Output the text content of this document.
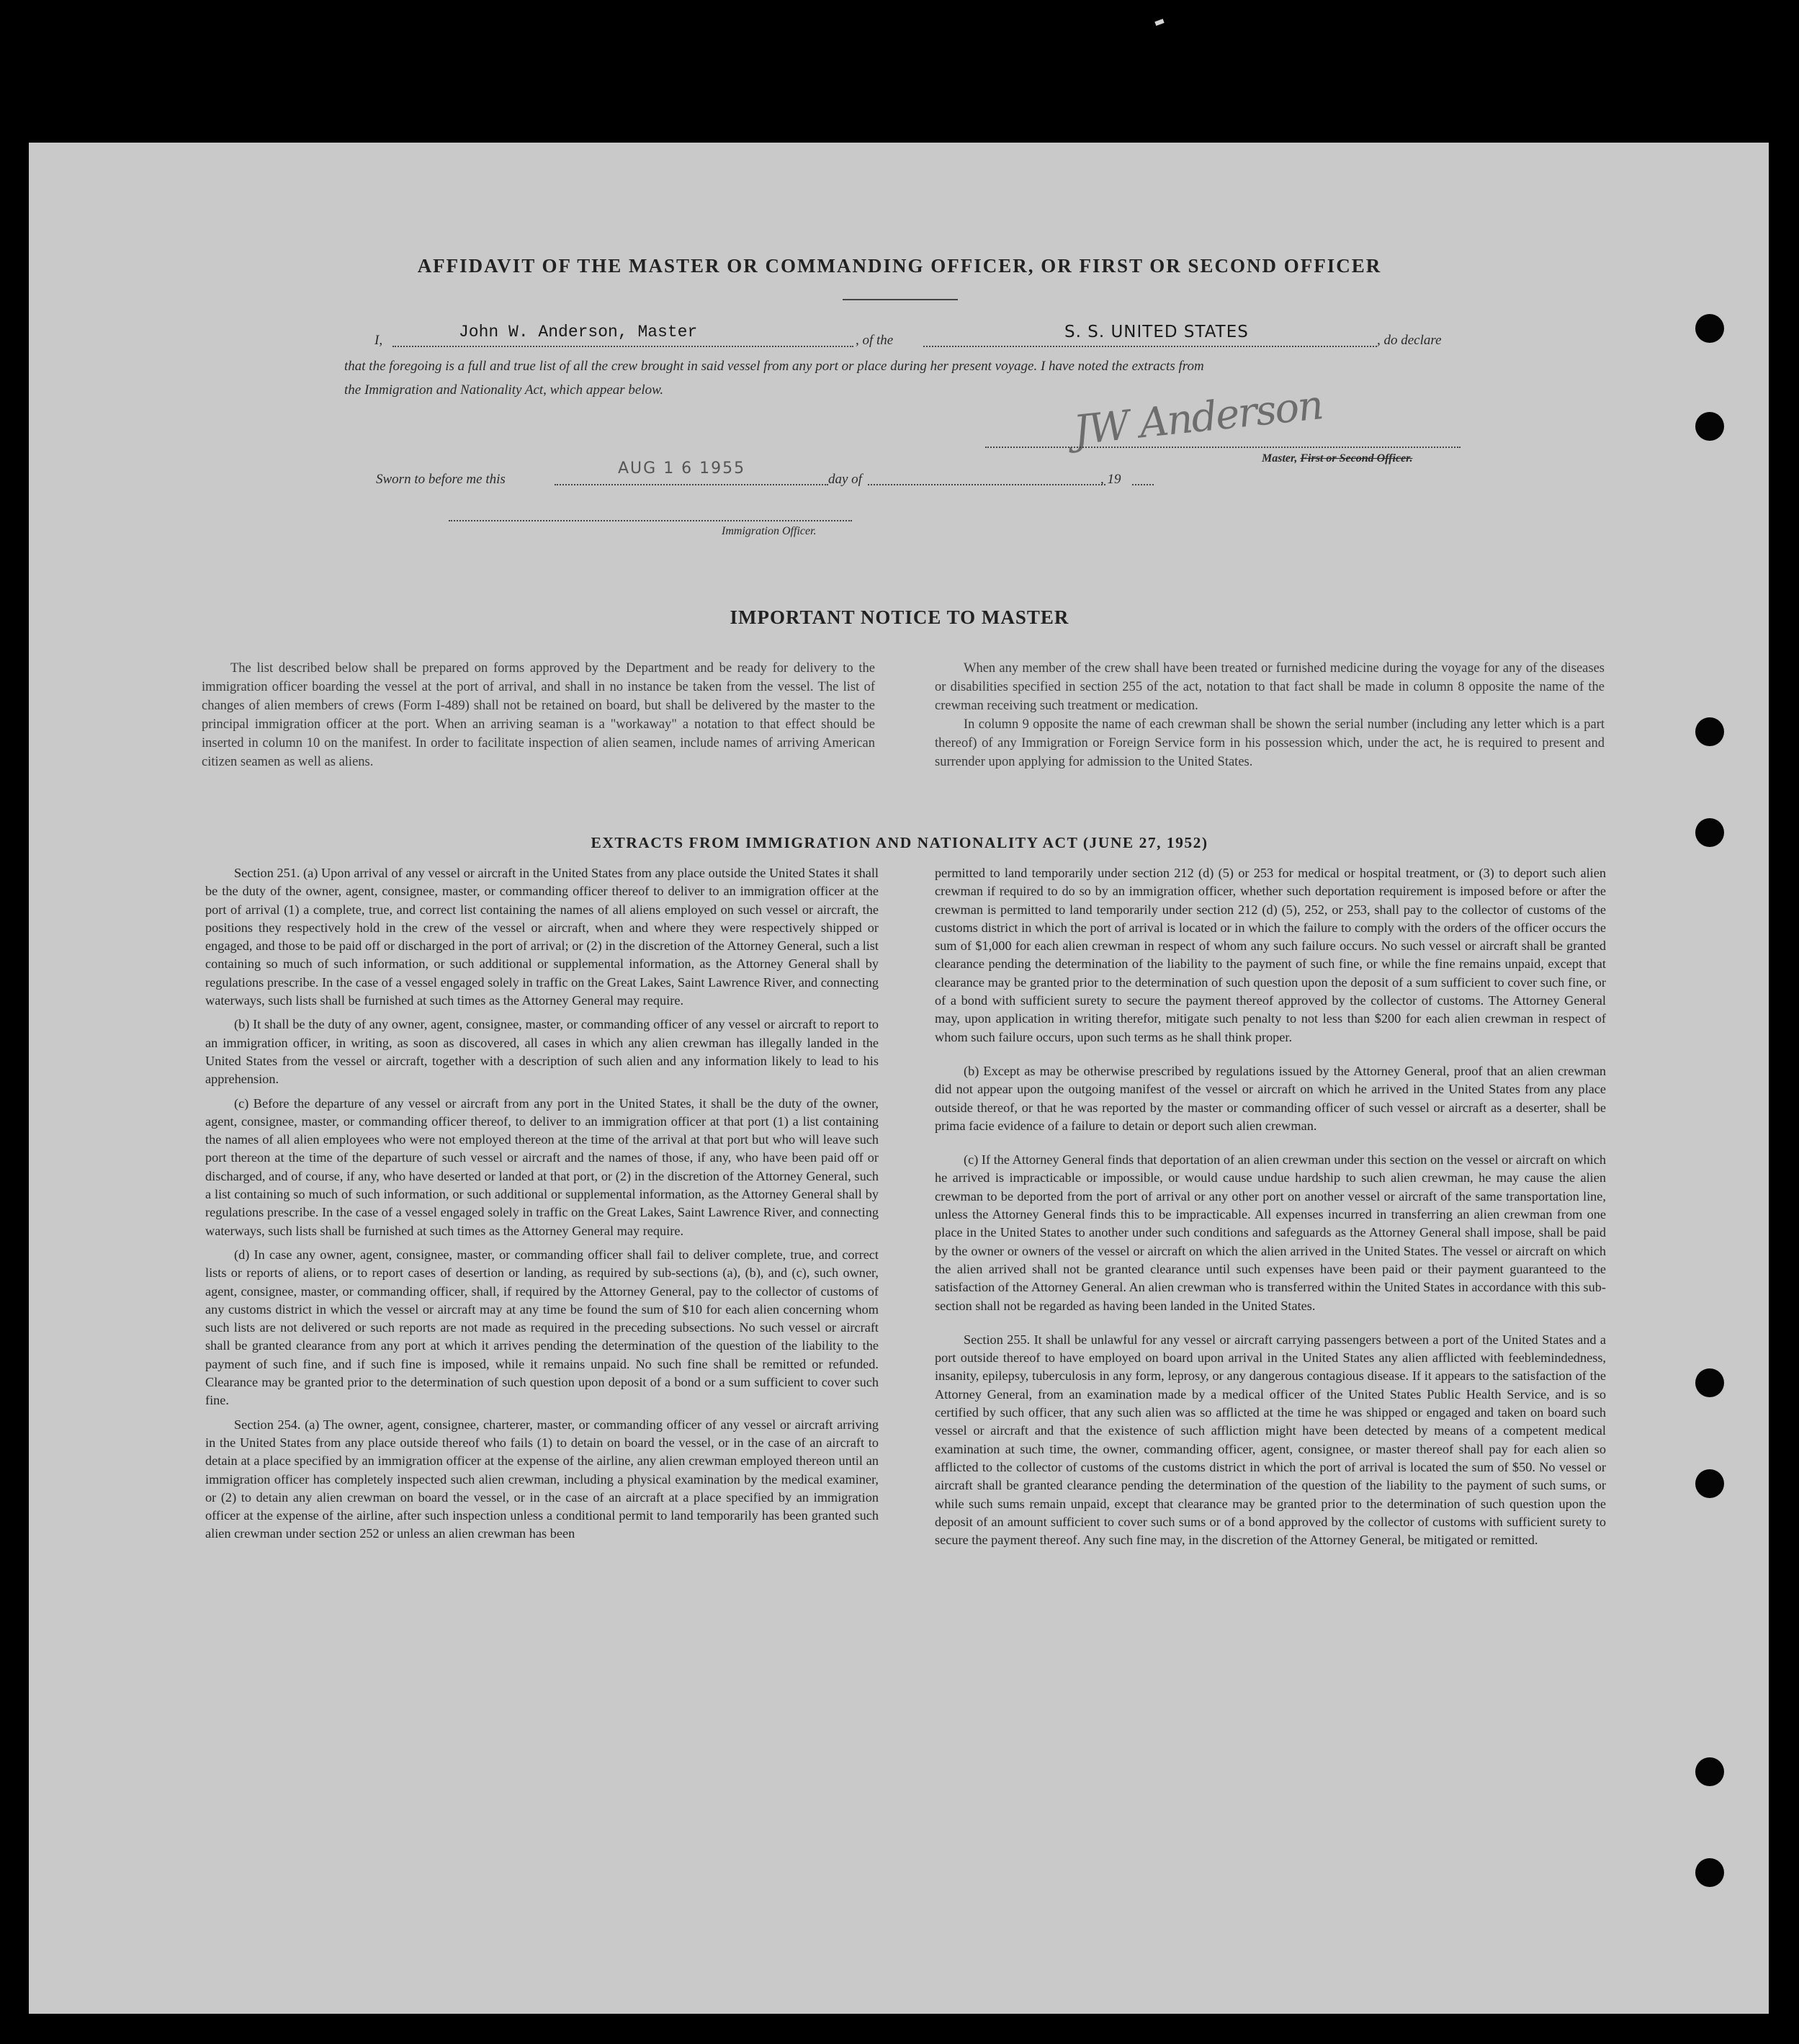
AFFIDAVIT OF THE MASTER OR COMMANDING OFFICER, OR FIRST OR SECOND OFFICER
I,	John W. Anderson, Master	, of the	S. S. UNITED STATES	, do declare
that the foregoing is a full and true list of all the crew brought in said vessel from any port or place during her present voyage. I have noted the extracts from
the Immigration and Nationality Act, which appear below.	JW Anderson
Master, First or Second Officer.
Sworn to before me this
AUG 1 6 1955
day of	, 19
Immigration Officer.
IMPORTANT NOTICE TO MASTER

The list described below shall be prepared on forms approved by the Department and be ready for delivery to the immigration officer boarding the vessel at the port of arrival, and shall in no instance be taken from the vessel. The list of changes of alien members of crews (Form I-489) shall not be retained on board, but shall be delivered by the master to the principal immigration officer at the port. When an arriving seaman is a "workaway" a notation to that effect should be inserted in column 10 on the manifest. In order to facilitate inspection of alien seamen, include names of arriving American citizen seamen as well as aliens.

When any member of the crew shall have been treated or furnished medicine during the voyage for any of the diseases or disabilities specified in section 255 of the act, notation to that fact shall be made in column 8 opposite the name of the crewman receiving such treatment or medication.

In column 9 opposite the name of each crewman shall be shown the serial number (including any letter which is a part thereof) of any Immigration or Foreign Service form in his possession which, under the act, he is required to present and surrender upon applying for admission to the United States.

EXTRACTS FROM IMMIGRATION AND NATIONALITY ACT (JUNE 27, 1952)

Section 251. (a) Upon arrival of any vessel or aircraft in the United States from any place outside the United States it shall be the duty of the owner, agent, consignee, master, or commanding officer thereof to deliver to an immigration officer at the port of arrival (1) a complete, true, and correct list containing the names of all aliens employed on such vessel or aircraft, the positions they respectively hold in the crew of the vessel or aircraft, when and where they were respectively shipped or engaged, and those to be paid off or discharged in the port of arrival; or (2) in the discretion of the Attorney General, such a list containing so much of such information, or such additional or supplemental information, as the Attorney General shall by regulations prescribe. In the case of a vessel engaged solely in traffic on the Great Lakes, Saint Lawrence River, and connecting waterways, such lists shall be furnished at such times as the Attorney General may require.

(b) It shall be the duty of any owner, agent, consignee, master, or commanding officer of any vessel or aircraft to report to an immigration officer, in writing, as soon as discovered, all cases in which any alien crewman has illegally landed in the United States from the vessel or aircraft, together with a description of such alien and any information likely to lead to his apprehension.

(c) Before the departure of any vessel or aircraft from any port in the United States, it shall be the duty of the owner, agent, consignee, master, or commanding officer thereof, to deliver to an immigration officer at that port (1) a list containing the names of all alien employees who were not employed thereon at the time of the arrival at that port but who will leave such port thereon at the time of the departure of such vessel or aircraft and the names of those, if any, who have been paid off or discharged, and of course, if any, who have deserted or landed at that port, or (2) in the discretion of the Attorney General, such a list containing so much of such information, or such additional or supplemental information, as the Attorney General shall by regulations prescribe. In the case of a vessel engaged solely in traffic on the Great Lakes, Saint Lawrence River, and connecting waterways, such lists shall be furnished at such times as the Attorney General may require.

(d) In case any owner, agent, consignee, master, or commanding officer shall fail to deliver complete, true, and correct lists or reports of aliens, or to report cases of desertion or landing, as required by sub-sections (a), (b), and (c), such owner, agent, consignee, master, or commanding officer, shall, if required by the Attorney General, pay to the collector of customs of any customs district in which the vessel or aircraft may at any time be found the sum of $10 for each alien concerning whom such lists are not delivered or such reports are not made as required in the preceding subsections. No such vessel or aircraft shall be granted clearance from any port at which it arrives pending the determination of the question of the liability to the payment of such fine, and if such fine is imposed, while it remains unpaid. No such fine shall be remitted or refunded. Clearance may be granted prior to the determination of such question upon deposit of a bond or a sum sufficient to cover such fine.

Section 254. (a) The owner, agent, consignee, charterer, master, or commanding officer of any vessel or aircraft arriving in the United States from any place outside thereof who fails (1) to detain on board the vessel, or in the case of an aircraft to detain at a place specified by an immigration officer at the expense of the airline, any alien crewman employed thereon until an immigration officer has completely inspected such alien crewman, including a physical examination by the medical examiner, or (2) to detain any alien crewman on board the vessel, or in the case of an aircraft at a place specified by an immigration officer at the expense of the airline, after such inspection unless a conditional permit to land temporarily has been granted such alien crewman under section 252 or unless an alien crewman has been

permitted to land temporarily under section 212 (d) (5) or 253 for medical or hospital treatment, or (3) to deport such alien crewman if required to do so by an immigration officer, whether such deportation requirement is imposed before or after the crewman is permitted to land temporarily under section 212 (d) (5), 252, or 253, shall pay to the collector of customs of the customs district in which the port of arrival is located or in which the failure to comply with the orders of the officer occurs the sum of $1,000 for each alien crewman in respect of whom any such failure occurs. No such vessel or aircraft shall be granted clearance pending the determination of the liability to the payment of such fine, or while the fine remains unpaid, except that clearance may be granted prior to the determination of such question upon the deposit of a sum sufficient to cover such fine, or of a bond with sufficient surety to secure the payment thereof approved by the collector of customs. The Attorney General may, upon application in writing therefor, mitigate such penalty to not less than $200 for each alien crewman in respect of whom such failure occurs, upon such terms as he shall think proper.

(b) Except as may be otherwise prescribed by regulations issued by the Attorney General, proof that an alien crewman did not appear upon the outgoing manifest of the vessel or aircraft on which he arrived in the United States from any place outside thereof, or that he was reported by the master or commanding officer of such vessel or aircraft as a deserter, shall be prima facie evidence of a failure to detain or deport such alien crewman.

(c) If the Attorney General finds that deportation of an alien crewman under this section on the vessel or aircraft on which he arrived is impracticable or impossible, or would cause undue hardship to such alien crewman, he may cause the alien crewman to be deported from the port of arrival or any other port on another vessel or aircraft of the same transportation line, unless the Attorney General finds this to be impracticable. All expenses incurred in transferring an alien crewman from one place in the United States to another under such conditions and safeguards as the Attorney General shall impose, shall be paid by the owner or owners of the vessel or aircraft on which the alien arrived in the United States. The vessel or aircraft on which the alien arrived shall not be granted clearance until such expenses have been paid or their payment guaranteed to the satisfaction of the Attorney General. An alien crewman who is transferred within the United States in accordance with this sub-section shall not be regarded as having been landed in the United States.

Section 255. It shall be unlawful for any vessel or aircraft carrying passengers between a port of the United States and a port outside thereof to have employed on board upon arrival in the United States any alien afflicted with feeblemindedness, insanity, epilepsy, tuberculosis in any form, leprosy, or any dangerous contagious disease. If it appears to the satisfaction of the Attorney General, from an examination made by a medical officer of the United States Public Health Service, and is so certified by such officer, that any such alien was so afflicted at the time he was shipped or engaged and taken on board such vessel or aircraft and that the existence of such affliction might have been detected by means of a competent medical examination at such time, the owner, commanding officer, agent, consignee, or master thereof shall pay for each alien so afflicted to the collector of customs of the customs district in which the port of arrival is located the sum of $50. No vessel or aircraft shall be granted clearance pending the determination of the question of the liability to the payment of such sums, or while such sums remain unpaid, except that clearance may be granted prior to the determination of such question upon the deposit of an amount sufficient to cover such sums or of a bond approved by the collector of customs with sufficient surety to secure the payment thereof. Any such fine may, in the discretion of the Attorney General, be mitigated or remitted.
